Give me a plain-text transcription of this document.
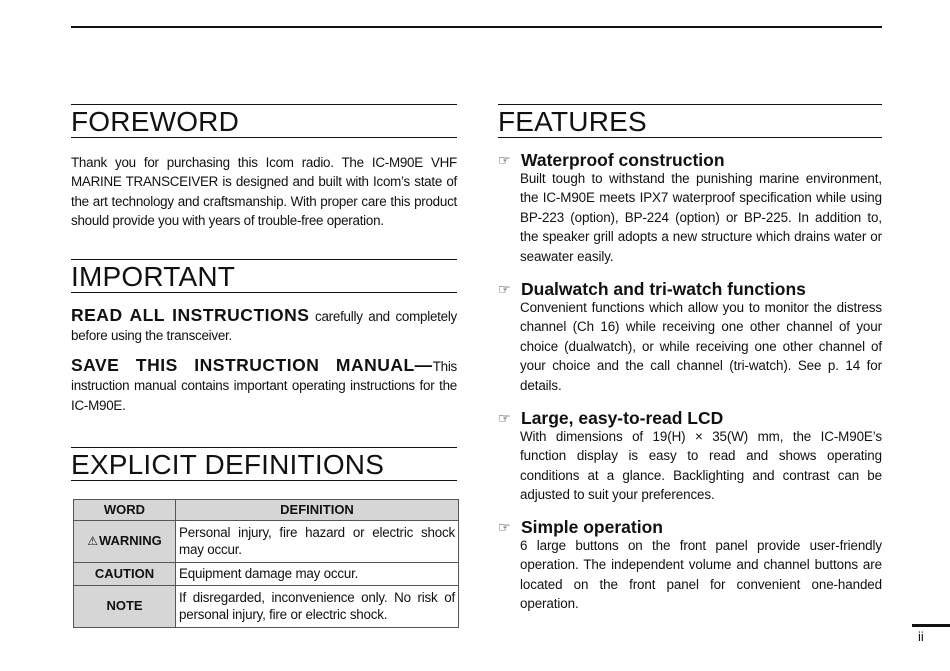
FOREWORD

Thank you for purchasing this Icom radio. The IC-M90E VHF MARINE TRANSCEIVER is designed and built with Icom’s state of the art technology and craftsmanship. With proper care this product should provide you with years of trouble-free operation.

IMPORTANT

READ ALL INSTRUCTIONS carefully and completely before using the transceiver.

SAVE THIS INSTRUCTION MANUAL—This instruction manual contains important operating instructions for the IC-M90E.

EXPLICIT DEFINITIONS
WORD	DEFINITION
⚠WARNING	Personal injury, fire hazard or electric shock may occur.
CAUTION	Equipment damage may occur.
NOTE	If disregarded, inconvenience only. No risk of personal injury, fire or electric shock.
FEATURES
☞ Waterproof construction
Built tough to withstand the punishing marine environment, the IC-M90E meets IPX7 waterproof specification while using BP-223 (option), BP-224 (option) or BP-225. In addition to, the speaker grill adopts a new structure which drains water or seawater easily.
☞ Dualwatch and tri-watch functions
Convenient functions which allow you to monitor the distress channel (Ch 16) while receiving one other channel of your choice (dualwatch), or while receiving one other channel of your choice and the call channel (tri-watch). See p. 14 for details.
☞ Large, easy-to-read LCD
With dimensions of 19(H) × 35(W) mm, the IC-M90E’s function display is easy to read and shows operating conditions at a glance. Backlighting and contrast can be adjusted to suit your preferences.
☞ Simple operation
6 large buttons on the front panel provide user-friendly operation. The independent volume and channel buttons are located on the front panel for convenient one-handed operation.
ii
